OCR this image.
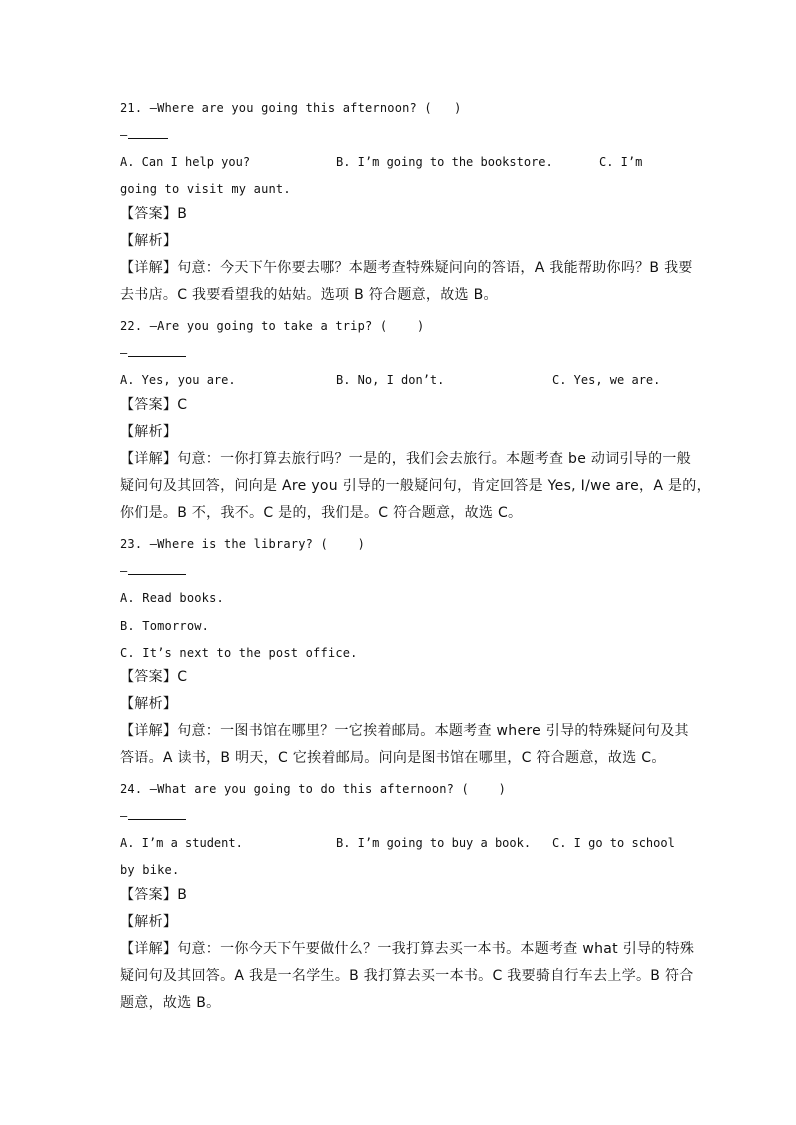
21. —Where are you going this afternoon? (   )
—
A. Can I help you?	B. I’m going to the bookstore.	C. I’m
going to visit my aunt.
【答案】B
【解析】
【详解】句意：今天下午你要去哪？本题考查特殊疑问向的答语，A 我能帮助你吗？B 我要
去书店。C 我要看望我的姑姑。选项 B 符合题意，故选 B。
22. —Are you going to take a trip? (    )
—
A. Yes, you are.	B. No, I don’t.	C. Yes, we are.
【答案】C
【解析】
【详解】句意：一你打算去旅行吗？一是的，我们会去旅行。本题考查 be 动词引导的一般
疑问句及其回答，问向是 Are you 引导的一般疑问句，肯定回答是 Yes, I/we are，A 是的，
你们是。B 不，我不。C 是的，我们是。C 符合题意，故选 C。
23. —Where is the library? (    )
—
A. Read books.
B. Tomorrow.
C. It’s next to the post office.
【答案】C
【解析】
【详解】句意：一图书馆在哪里？一它挨着邮局。本题考查 where 引导的特殊疑问句及其
答语。A 读书，B 明天，C 它挨着邮局。问向是图书馆在哪里，C 符合题意，故选 C。
24. —What are you going to do this afternoon? (    )
—
A. I’m a student.	B. I’m going to buy a book. C. I go to school
by bike.
【答案】B
【解析】
【详解】句意：一你今天下午要做什么？一我打算去买一本书。本题考查 what 引导的特殊
疑问句及其回答。A 我是一名学生。B 我打算去买一本书。C 我要骑自行车去上学。B 符合
题意，故选 B。
